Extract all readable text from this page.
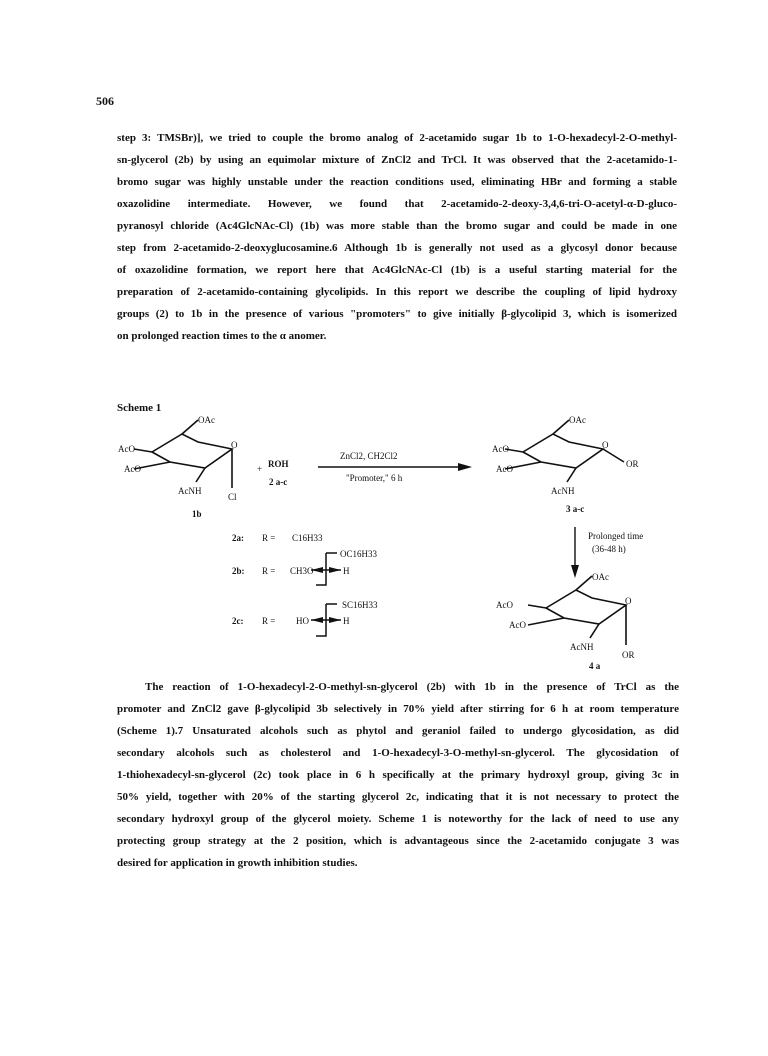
506

step 3: TMSBr)], we tried to couple the bromo analog of 2-acetamido sugar 1b to 1-O-hexadecyl-2-O-methyl-
sn-glycerol (2b) by using an equimolar mixture of ZnCl2 and TrCl. It was observed that the 2-acetamido-1-
bromo sugar was highly unstable under the reaction conditions used, eliminating HBr and forming a stable
oxazolidine intermediate. However, we found that 2-acetamido-2-deoxy-3,4,6-tri-O-acetyl-α-D-gluco-
pyranosyl chloride (Ac4GlcNAc-Cl) (1b) was more stable than the bromo sugar and could be made in one
step from 2-acetamido-2-deoxyglucosamine.6 Although 1b is generally not used as a glycosyl donor because
of oxazolidine formation, we report here that Ac4GlcNAc-Cl (1b) is a useful starting material for the
preparation of 2-acetamido-containing glycolipids. In this report we describe the coupling of lipid hydroxy
groups (2) to 1b in the presence of various "promoters" to give initially β-glycolipid 3, which is isomerized
on prolonged reaction times to the α anomer.

Scheme 1
OAc
AcO
AcO
O
AcNH
Cl
1b
+ ROH
2 a-c
ZnCl2, CH2Cl2
"Promoter," 6 h
OAc
AcO
AcO
O
OR
AcNH
3 a-c
2a: R = C16H33
2b: R =
OC16H33
CH3O	H
2c: R =
SC16H33
HO	H
Prolonged time
(36-48 h)
OAc
AcO
AcO
O
AcNH
OR
4 a

The reaction of 1-O-hexadecyl-2-O-methyl-sn-glycerol (2b) with 1b in the presence of TrCl as the
promoter and ZnCl2 gave β-glycolipid 3b selectively in 70% yield after stirring for 6 h at room temperature
(Scheme 1).7 Unsaturated alcohols such as phytol and geraniol failed to undergo glycosidation, as did
secondary alcohols such as cholesterol and 1-O-hexadecyl-3-O-methyl-sn-glycerol. The glycosidation of
1-thiohexadecyl-sn-glycerol (2c) took place in 6 h specifically at the primary hydroxyl group, giving 3c in
50% yield, together with 20% of the starting glycerol 2c, indicating that it is not necessary to protect the
secondary hydroxyl group of the glycerol moiety. Scheme 1 is noteworthy for the lack of need to use any
protecting group strategy at the 2 position, which is advantageous since the 2-acetamido conjugate 3 was
desired for application in growth inhibition studies.
